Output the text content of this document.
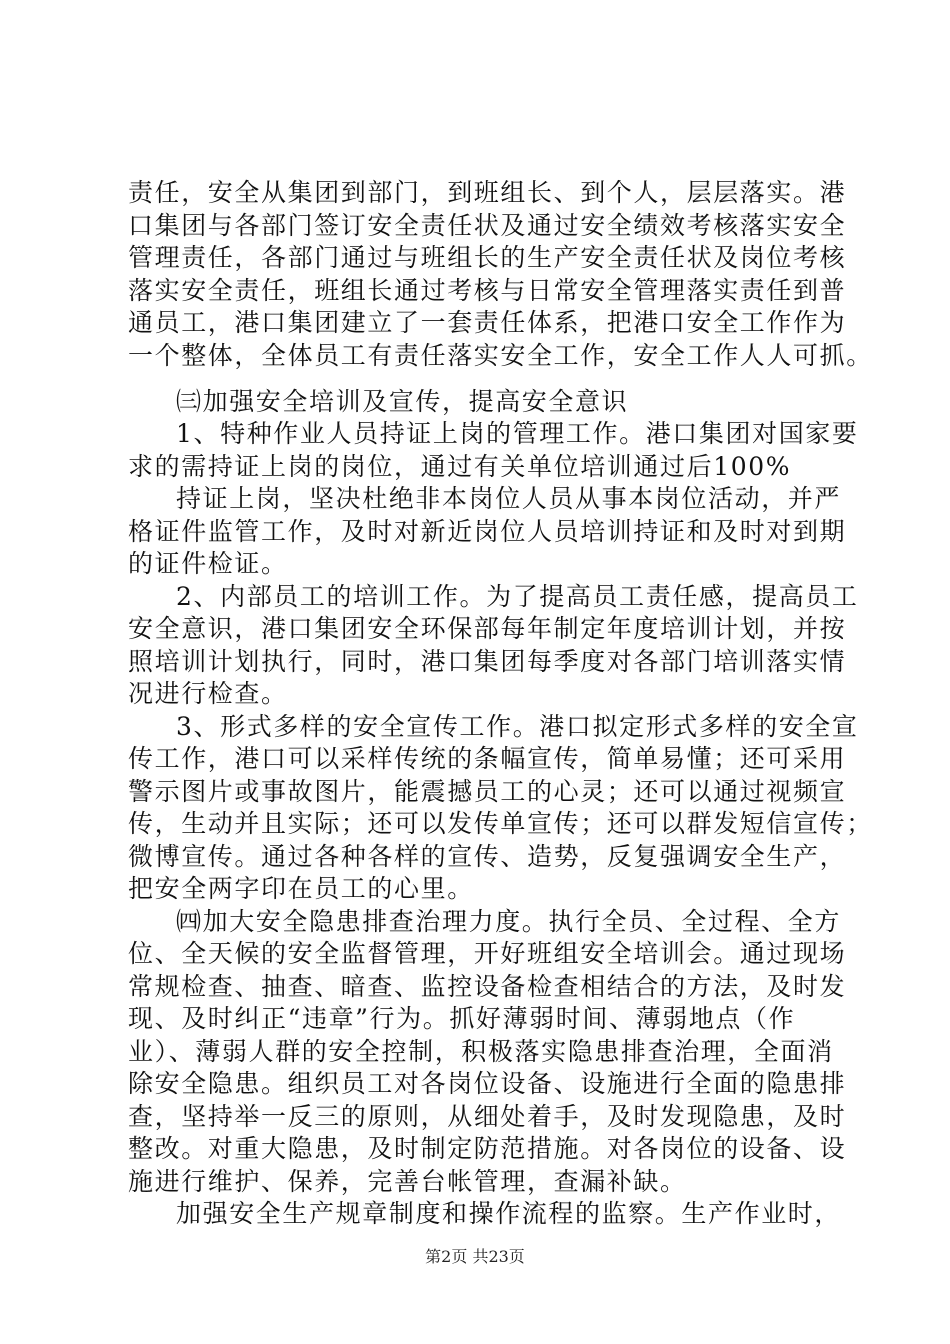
责任，安全从集团到部门，到班组长、到个人，层层落实。港
口集团与各部门签订安全责任状及通过安全绩效考核落实安全
管理责任，各部门通过与班组长的生产安全责任状及岗位考核
落实安全责任，班组长通过考核与日常安全管理落实责任到普
通员工，港口集团建立了一套责任体系，把港口安全工作作为
一个整体，全体员工有责任落实安全工作，安全工作人人可抓。
㈢加强安全培训及宣传，提高安全意识
1、特种作业人员持证上岗的管理工作。港口集团对国家要
求的需持证上岗的岗位，通过有关单位培训通过后100%
持证上岗，坚决杜绝非本岗位人员从事本岗位活动，并严
格证件监管工作，及时对新近岗位人员培训持证和及时对到期
的证件检证。
2、内部员工的培训工作。为了提高员工责任感，提高员工
安全意识，港口集团安全环保部每年制定年度培训计划，并按
照培训计划执行，同时，港口集团每季度对各部门培训落实情
况进行检查。
3、形式多样的安全宣传工作。港口拟定形式多样的安全宣
传工作，港口可以采样传统的条幅宣传，简单易懂；还可采用
警示图片或事故图片，能震撼员工的心灵；还可以通过视频宣
传，生动并且实际；还可以发传单宣传；还可以群发短信宣传；
微博宣传。通过各种各样的宣传、造势，反复强调安全生产，
把安全两字印在员工的心里。
㈣加大安全隐患排查治理力度。执行全员、全过程、全方
位、全天候的安全监督管理，开好班组安全培训会。通过现场
常规检查、抽查、暗查、监控设备检查相结合的方法，及时发
现、及时纠正“违章”行为。抓好薄弱时间、薄弱地点（作
业）、薄弱人群的安全控制，积极落实隐患排查治理，全面消
除安全隐患。组织员工对各岗位设备、设施进行全面的隐患排
查，坚持举一反三的原则，从细处着手，及时发现隐患，及时
整改。对重大隐患，及时制定防范措施。对各岗位的设备、设
施进行维护、保养，完善台帐管理，查漏补缺。
第2页 共23页
加强安全生产规章制度和操作流程的监察。生产作业时，
